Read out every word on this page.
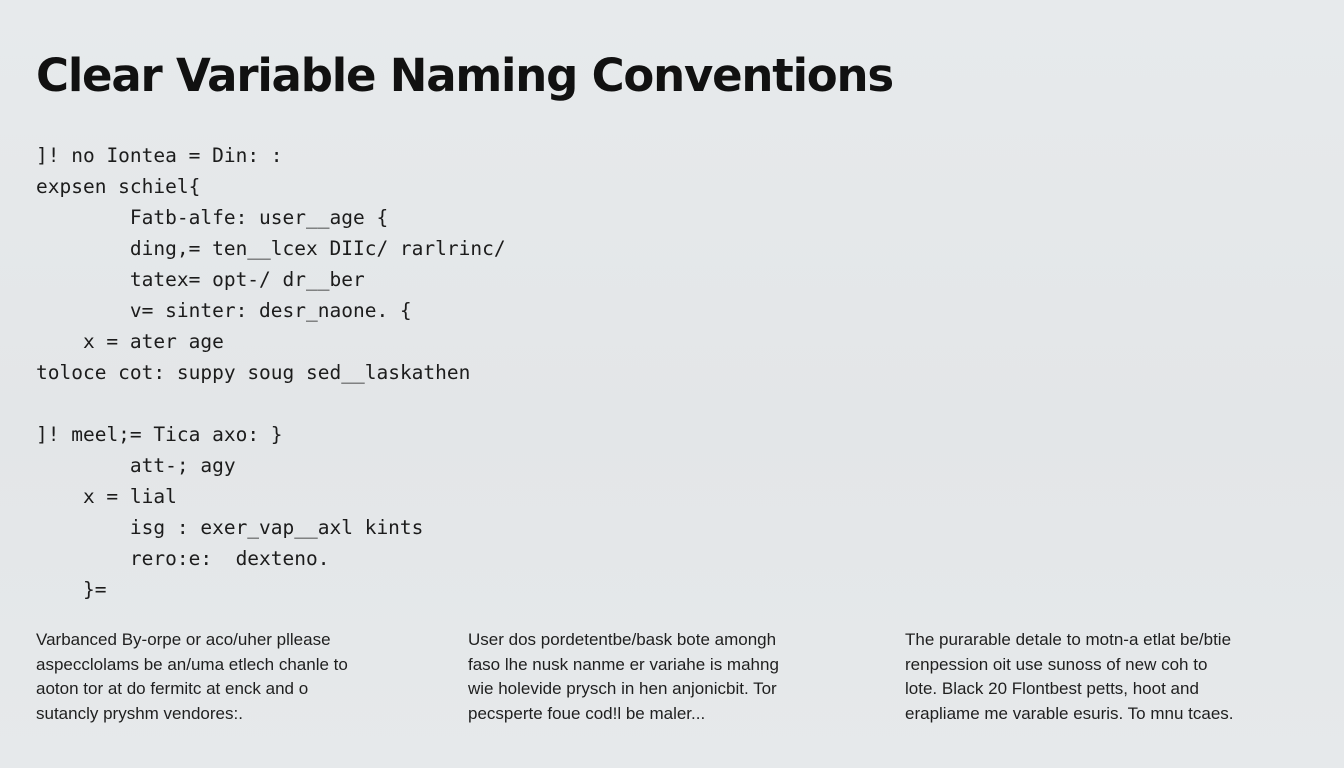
Clear Variable Naming Conventions
]! no Iontea = Din: :
expsen schiel{
Fatb-alfe: user__age {
ding,= ten__lcex DIIc/ rarlrinc/
tatex= opt-/ dr__ber
v= sinter: desr_naone. {
x = ater age
toloce cot: suppy soug sed__laskathen
]! meel;= Tica axo: }
att-; agy
x = lial
isg : exer_vap__axl kints
rero:e:  dexteno.
}=

Varbanced By-orpe or aco/uher pllease
aspecclolams be an/uma etlech chanle to
aoton tor at do fermitc at enck and o
sutancly pryshm vendores:.

User dos pordetentbe/bask bote amongh
faso lhe nusk nanme er variahe is mahng
wie holevide prysch in hen anjonicbit. Tor
pecsperte foue cod!l be maler...

The purarable detale to motn-a etlat be/btie
renpession oit use sunoss of new coh to
lote. Black 20 Flontbest petts, hoot and
erapliame me varable esuris. To mnu tcaes.
